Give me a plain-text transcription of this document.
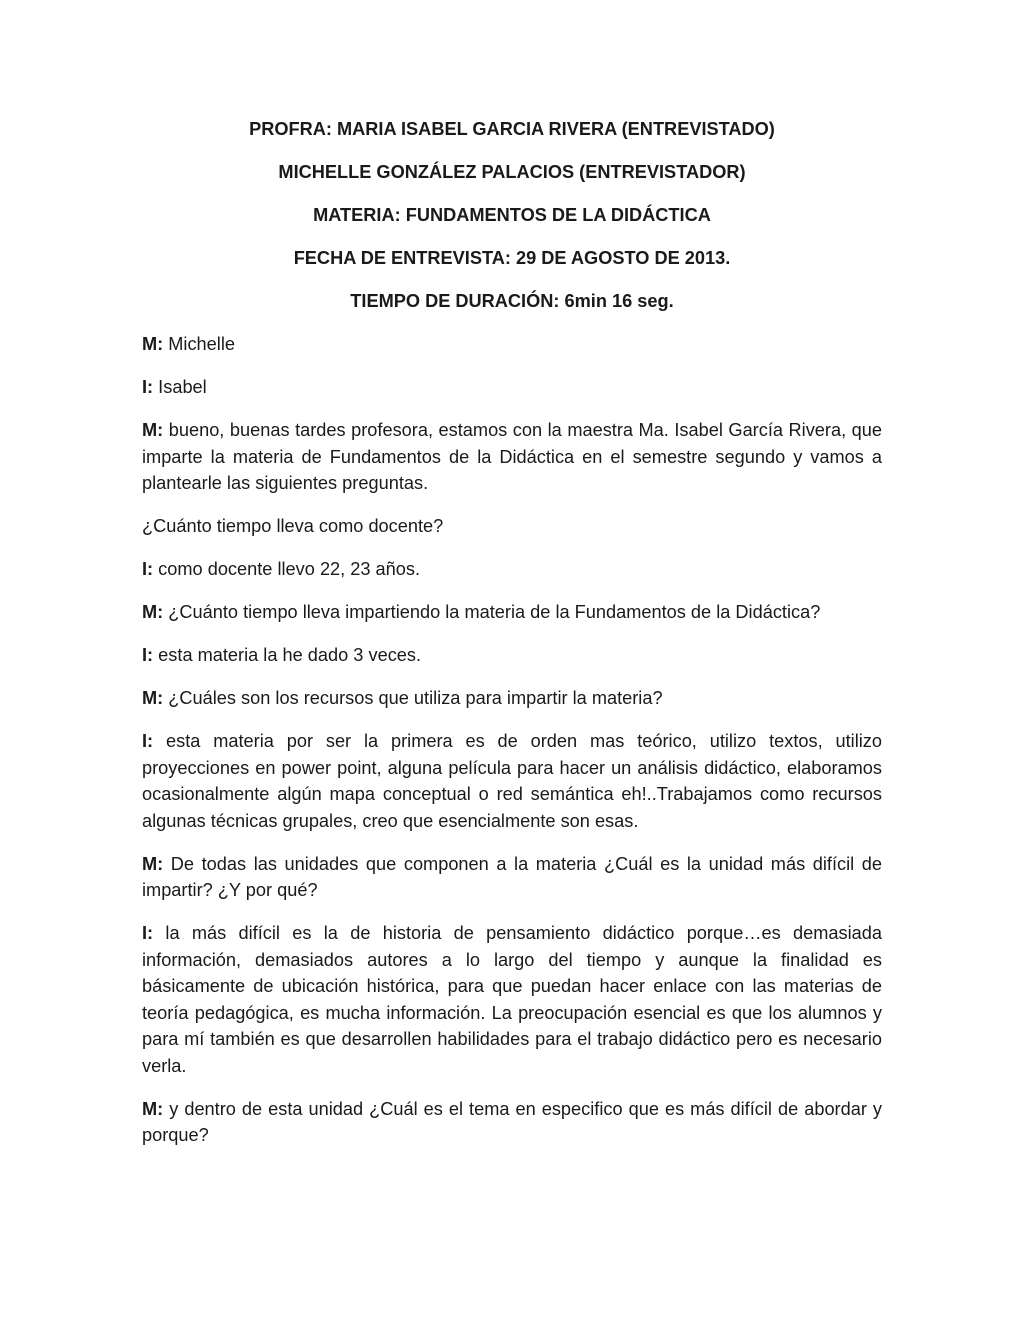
PROFRA: MARIA ISABEL GARCIA RIVERA (ENTREVISTADO)
MICHELLE GONZÁLEZ PALACIOS (ENTREVISTADOR)
MATERIA: FUNDAMENTOS DE LA DIDÁCTICA
FECHA DE ENTREVISTA: 29 DE AGOSTO DE 2013.
TIEMPO DE DURACIÓN: 6min 16 seg.

M: Michelle

I: Isabel

M: bueno, buenas tardes profesora, estamos con la maestra Ma. Isabel García Rivera, que imparte la materia de Fundamentos de la Didáctica en el semestre segundo y vamos a plantearle las siguientes preguntas.

¿Cuánto tiempo lleva como docente?

I: como docente llevo 22, 23 años.

M: ¿Cuánto tiempo lleva impartiendo la materia de la Fundamentos de la Didáctica?

I: esta materia la he dado 3 veces.

M: ¿Cuáles son los recursos que utiliza para impartir la materia?

I: esta materia por ser la primera es de orden mas teórico, utilizo textos, utilizo proyecciones en power point, alguna película para hacer un análisis didáctico, elaboramos ocasionalmente algún mapa conceptual o red semántica eh!..Trabajamos como recursos algunas técnicas grupales, creo que esencialmente son esas.

M: De todas las unidades que componen a la materia ¿Cuál es la unidad más difícil de impartir? ¿Y por qué?

I: la más difícil es la de historia de pensamiento didáctico porque…es demasiada información, demasiados autores a lo largo del tiempo y aunque la finalidad es básicamente de ubicación histórica, para que puedan hacer enlace con las materias de teoría pedagógica, es mucha información. La preocupación esencial es que los alumnos y para mí también es que desarrollen habilidades para el trabajo didáctico pero es necesario verla.

M: y dentro de esta unidad ¿Cuál es el tema en especifico que es más difícil de abordar y porque?
